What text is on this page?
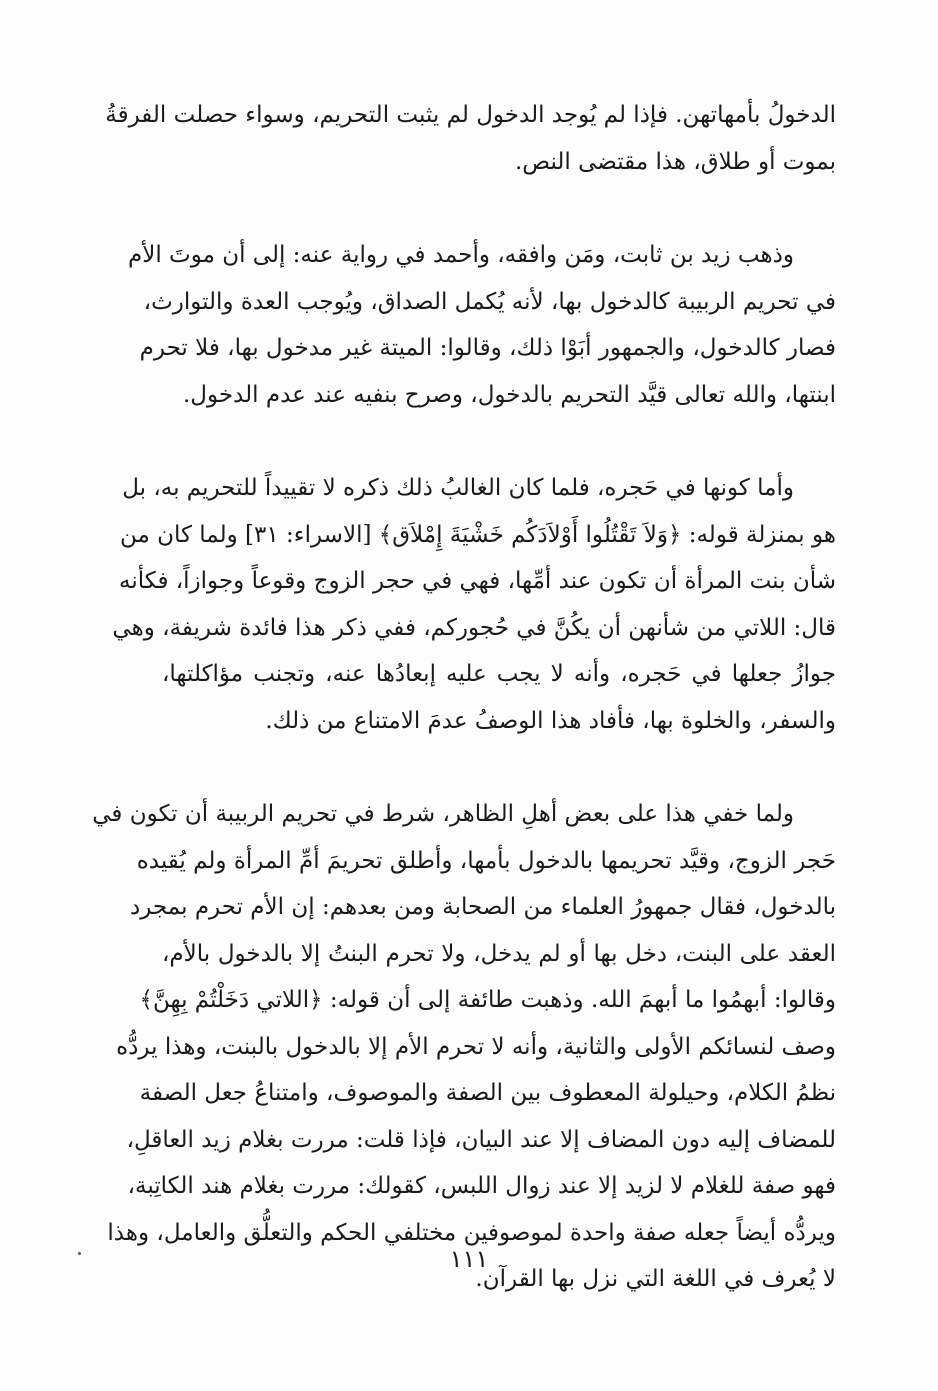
الدخولُ بأمهاتهن. فإذا لم يُوجد الدخول لم يثبت التحريم، وسواء حصلت الفرقةُ
بموت أو طلاق، هذا مقتضى النص.

وذهب زيد بن ثابت، ومَن وافقه، وأحمد في رواية عنه: إلى أن موتَ الأم
في تحريم الربيبة كالدخول بها، لأنه يُكمل الصداق، ويُوجب العدة والتوارث،
فصار كالدخول، والجمهور أبَوْا ذلك، وقالوا: الميتة غير مدخول بها، فلا تحرم
ابنتها، والله تعالى قيَّد التحريم بالدخول، وصرح بنفيه عند عدم الدخول.

وأما كونها في حَجره، فلما كان الغالبُ ذلك ذكره لا تقييداً للتحريم به، بل
هو بمنزلة قوله: ﴿وَلاَ تَقْتُلُوا أَوْلاَدَكُم خَشْيَةَ إِمْلاَق﴾ [الاسراء: ٣١] ولما كان من
شأن بنت المرأة أن تكون عند أمِّها، فهي في حجر الزوج وقوعاً وجوازاً، فكأنه
قال: اللاتي من شأنهن أن يكُنَّ في حُجوركم، ففي ذكر هذا فائدة شريفة، وهي
جوازُ جعلها في حَجره، وأنه لا يجب عليه إبعادُها عنه، وتجنب مؤاكلتها،
والسفر، والخلوة بها، فأفاد هذا الوصفُ عدمَ الامتناع من ذلك.

ولما خفي هذا على بعض أهلِ الظاهر، شرط في تحريم الربيبة أن تكون في
حَجر الزوج، وقيَّد تحريمها بالدخول بأمها، وأطلق تحريمَ أمِّ المرأة ولم يُقيده
بالدخول، فقال جمهورُ العلماء من الصحابة ومن بعدهم: إن الأم تحرم بمجرد
العقد على البنت، دخل بها أو لم يدخل، ولا تحرم البنتُ إلا بالدخول بالأم،
وقالوا: أبهمُوا ما أبهمَ الله. وذهبت طائفة إلى أن قوله: ﴿اللاتي دَخَلْتُمْ بِهِنَّ﴾
وصف لنسائكم الأولى والثانية، وأنه لا تحرم الأم إلا بالدخول بالبنت، وهذا يردُّه
نظمُ الكلام، وحيلولة المعطوف بين الصفة والموصوف، وامتناعُ جعل الصفة
للمضاف إليه دون المضاف إلا عند البيان، فإذا قلت: مررت بغلام زيد العاقلِ،
فهو صفة للغلام لا لزيد إلا عند زوال اللبس، كقولك: مررت بغلام هند الكاتِبة،
ويردُّه أيضاً جعله صفة واحدة لموصوفين مختلفي الحكم والتعلُّق والعامل، وهذا
لا يُعرف في اللغة التي نزل بها القرآن.

١١١
